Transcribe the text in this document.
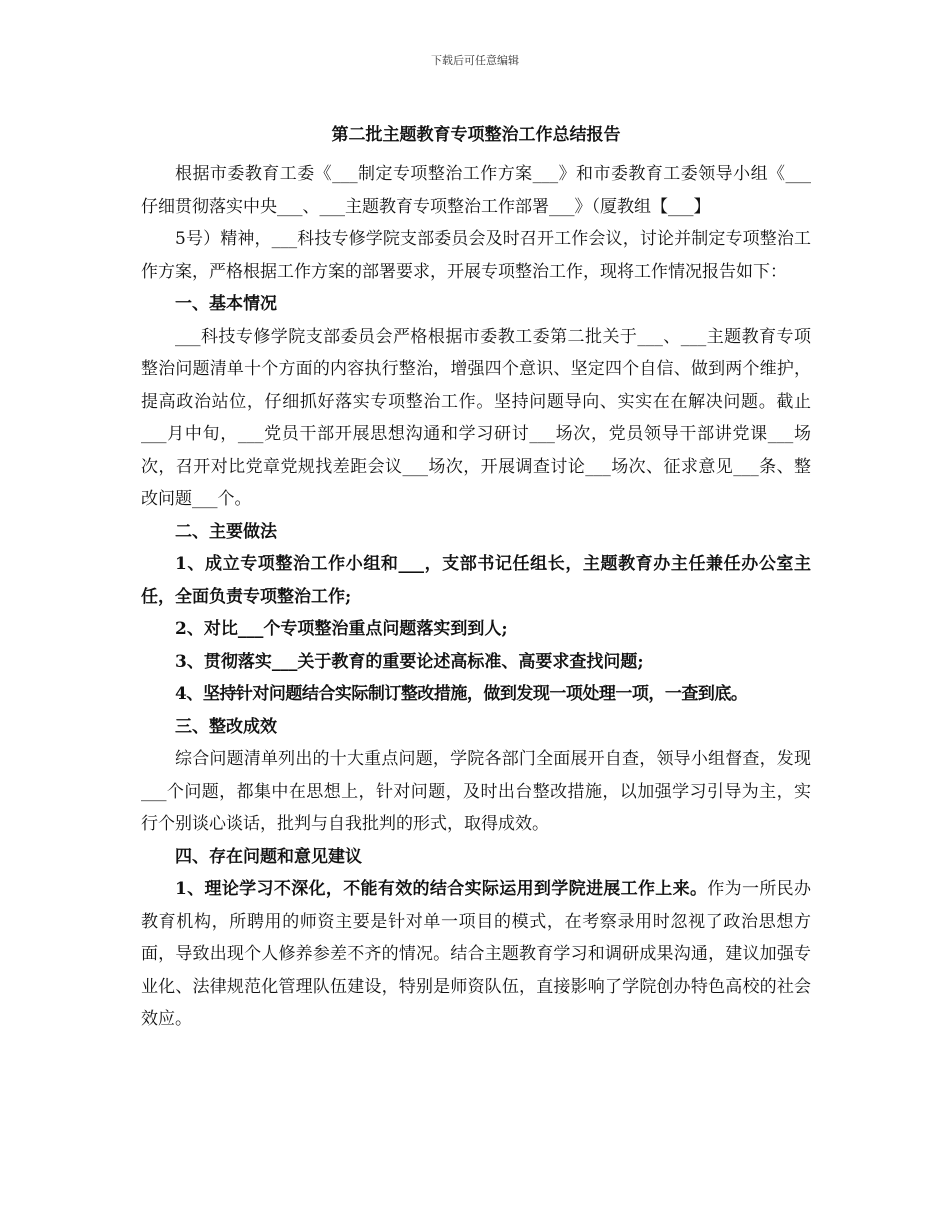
下载后可任意编辑
第二批主题教育专项整治工作总结报告

根据市委教育工委《___制定专项整治工作方案___》和市委教育工委领导小组《___仔细贯彻落实中央___、___主题教育专项整治工作部署___》（厦教组【___】

5号）精神，___科技专修学院支部委员会及时召开工作会议，讨论并制定专项整治工作方案，严格根据工作方案的部署要求，开展专项整治工作，现将工作情况报告如下：

一、基本情况

___科技专修学院支部委员会严格根据市委教工委第二批关于___、___主题教育专项整治问题清单十个方面的内容执行整治，增强四个意识、坚定四个自信、做到两个维护，提高政治站位，仔细抓好落实专项整治工作。坚持问题导向、实实在在解决问题。截止___月中旬，___党员干部开展思想沟通和学习研讨___场次，党员领导干部讲党课___场次，召开对比党章党规找差距会议___场次，开展调查讨论___场次、征求意见___条、整改问题___个。

二、主要做法

1、成立专项整治工作小组和___，支部书记任组长，主题教育办主任兼任办公室主任，全面负责专项整治工作;

2、对比___个专项整治重点问题落实到到人;

3、贯彻落实___关于教育的重要论述高标准、高要求查找问题;

4、坚持针对问题结合实际制订整改措施，做到发现一项处理一项，一查到底。

三、整改成效

综合问题清单列出的十大重点问题，学院各部门全面展开自查，领导小组督查，发现___个问题，都集中在思想上，针对问题，及时出台整改措施，以加强学习引导为主，实行个别谈心谈话，批判与自我批判的形式，取得成效。

四、存在问题和意见建议

1、理论学习不深化，不能有效的结合实际运用到学院进展工作上来。作为一所民办教育机构，所聘用的师资主要是针对单一项目的模式，在考察录用时忽视了政治思想方面，导致出现个人修养参差不齐的情况。结合主题教育学习和调研成果沟通，建议加强专业化、法律规范化管理队伍建设，特别是师资队伍，直接影响了学院创办特色高校的社会效应。
